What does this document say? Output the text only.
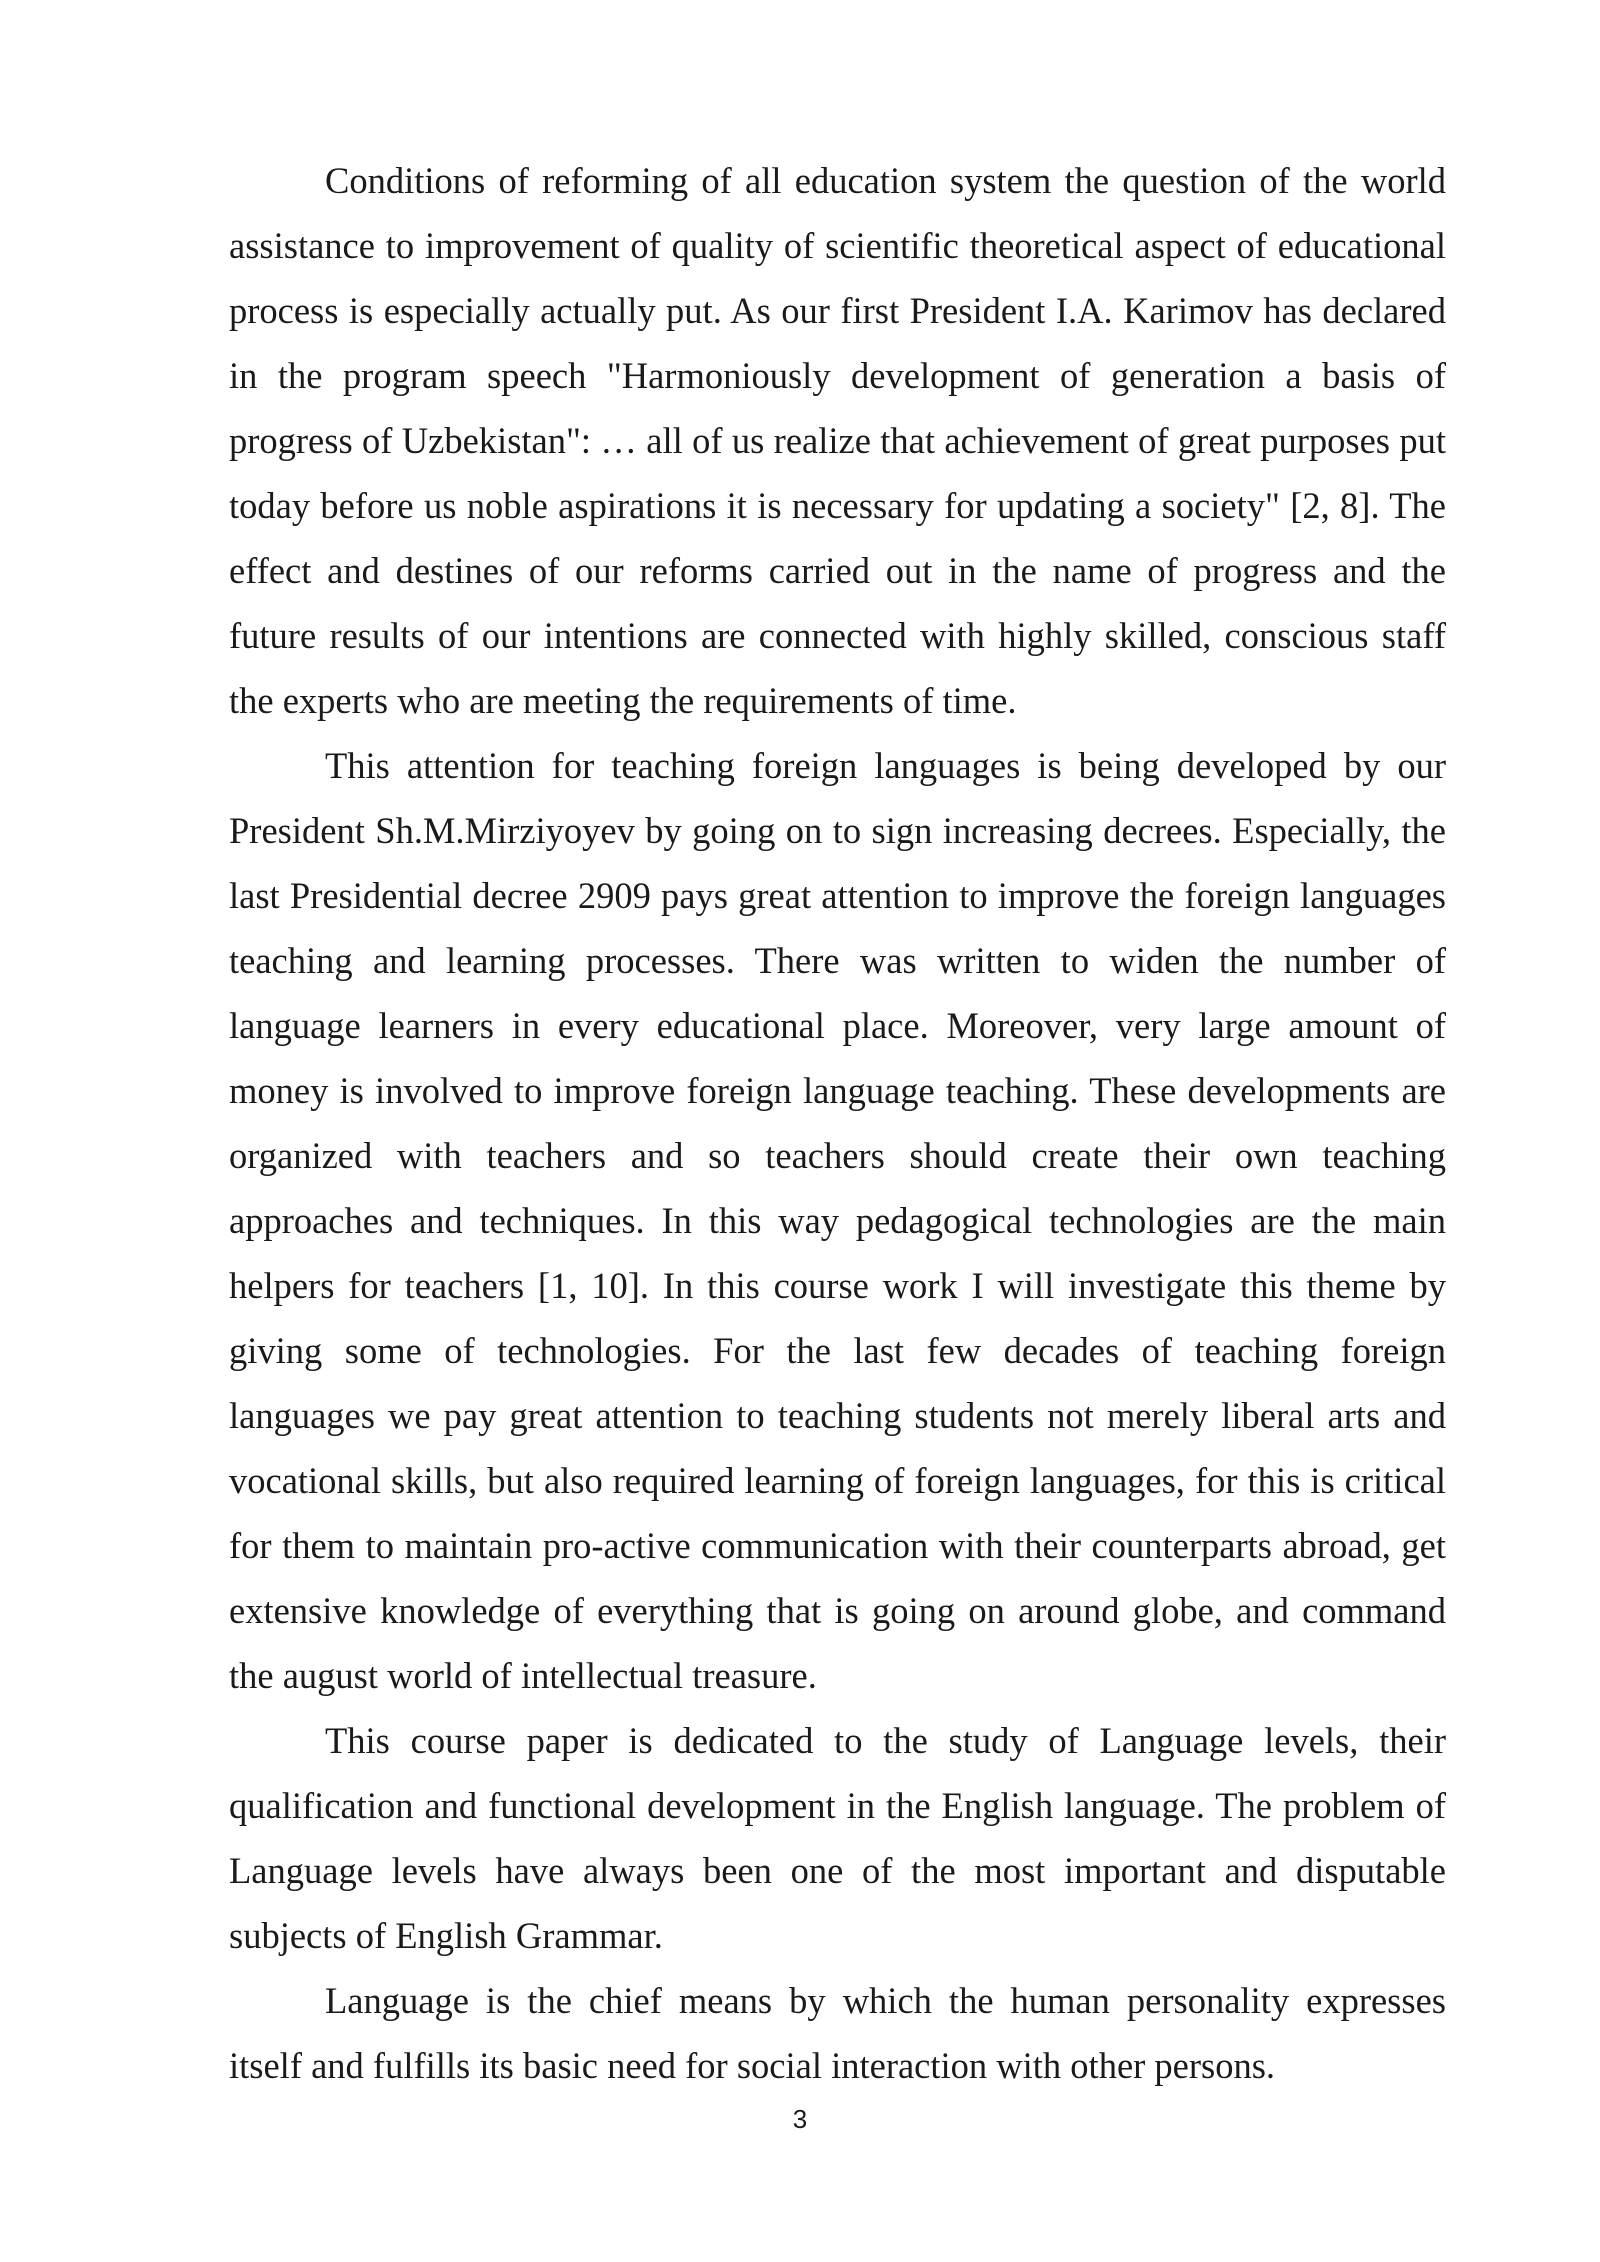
Conditions of reforming of all education system the question of the world assistance to improvement of quality of scientific theoretical aspect of educational process is especially actually put. As our first President I.A. Karimov has declared in the program speech "Harmoniously development of generation a basis of progress of Uzbekistan": … all of us realize that achievement of great purposes put today before us noble aspirations it is necessary for updating a society" [2, 8]. The effect and destines of our reforms carried out in the name of progress and the future results of our intentions are connected with highly skilled, conscious staff the experts who are meeting the requirements of time.

This attention for teaching foreign languages is being developed by our President Sh.M.Mirziyoyev by going on to sign increasing decrees. Especially, the last Presidential decree 2909 pays great attention to improve the foreign languages teaching and learning processes. There was written to widen the number of language learners in every educational place. Moreover, very large amount of money is involved to improve foreign language teaching. These developments are organized with teachers and so teachers should create their own teaching approaches and techniques. In this way pedagogical technologies are the main helpers for teachers [1, 10]. In this course work I will investigate this theme by giving some of technologies. For the last few decades of teaching foreign languages we pay great attention to teaching students not merely liberal arts and vocational skills, but also required learning of foreign languages, for this is critical for them to maintain pro-active communication with their counterparts abroad, get extensive knowledge of everything that is going on around globe, and command the august world of intellectual treasure.

This course paper is dedicated to the study of Language levels, their qualification and functional development in the English language. The problem of Language levels have always been one of the most important and disputable subjects of English Grammar.

Language is the chief means by which the human personality expresses itself and fulfills its basic need for social interaction with other persons.

3
